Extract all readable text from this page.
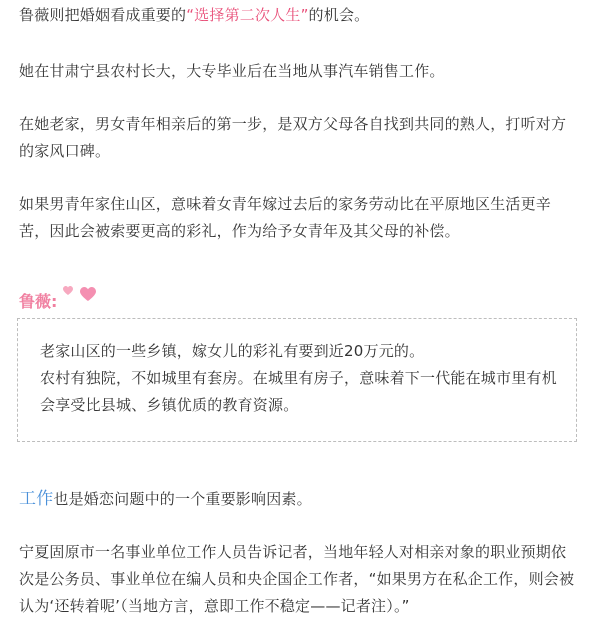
鲁薇则把婚姻看成重要的“选择第二次人生”的机会。

她在甘肃宁县农村长大，大专毕业后在当地从事汽车销售工作。

在她老家，男女青年相亲后的第一步，是双方父母各自找到共同的熟人，打听对方的家风口碑。

如果男青年家住山区，意味着女青年嫁过去后的家务劳动比在平原地区生活更辛苦，因此会被索要更高的彩礼，作为给予女青年及其父母的补偿。

鲁薇:

老家山区的一些乡镇，嫁女儿的彩礼有要到近20万元的。
农村有独院，不如城里有套房。在城里有房子，意味着下一代能在城市里有机会享受比县城、乡镇优质的教育资源。

工作也是婚恋问题中的一个重要影响因素。

宁夏固原市一名事业单位工作人员告诉记者，当地年轻人对相亲对象的职业预期依次是公务员、事业单位在编人员和央企国企工作者，“如果男方在私企工作，则会被认为‘还转着呢’（当地方言，意即工作不稳定——记者注）。”
